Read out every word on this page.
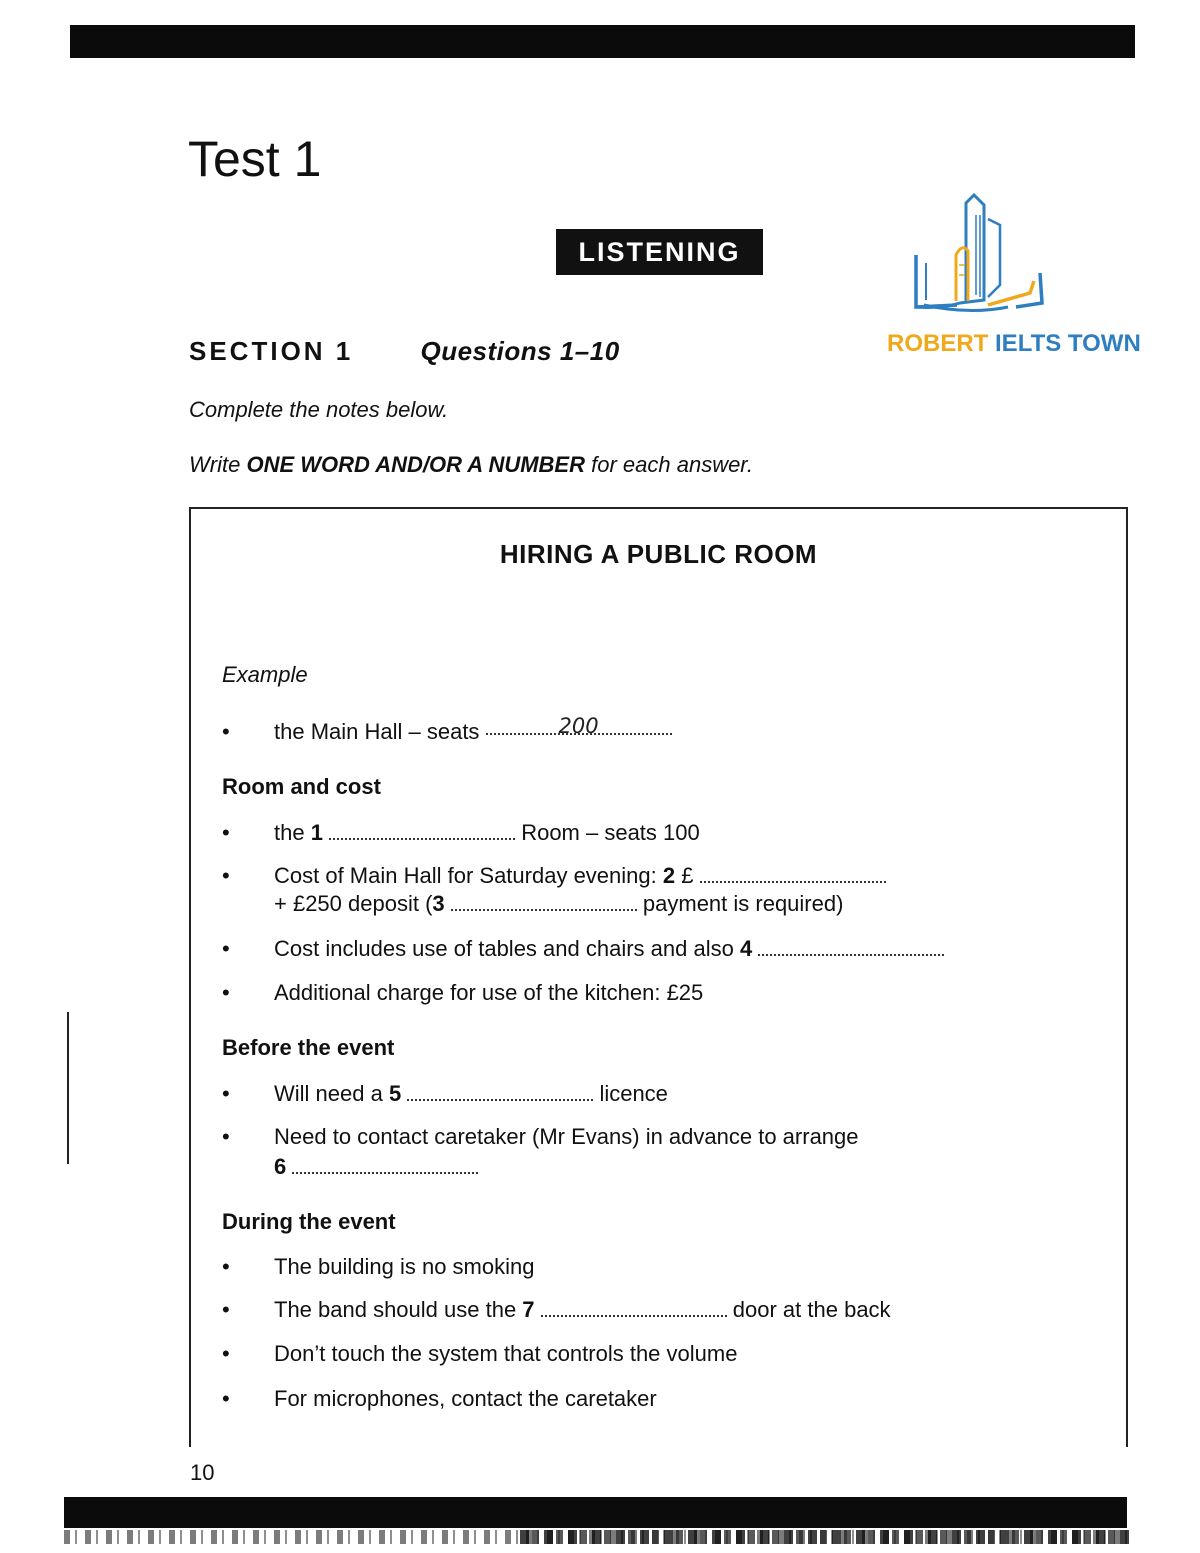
Test 1
LISTENING
ROBERT IELTS TOWN
SECTION 1	Questions 1–10
Complete the notes below.
Write ONE WORD AND/OR A NUMBER for each answer.
HIRING A PUBLIC ROOM
Example
•	the Main Hall – seats	200
Room and cost
•	the 1	Room – seats 100
•	Cost of Main Hall for Saturday evening: 2 £
+ £250 deposit (3	payment is required)
•	Cost includes use of tables and chairs and also 4
•	Additional charge for use of the kitchen: £25
Before the event
•	Will need a 5	licence
•	Need to contact caretaker (Mr Evans) in advance to arrange
6
During the event
•	The building is no smoking
•	The band should use the 7	door at the back
•	Don’t touch the system that controls the volume
•	For microphones, contact the caretaker
10
